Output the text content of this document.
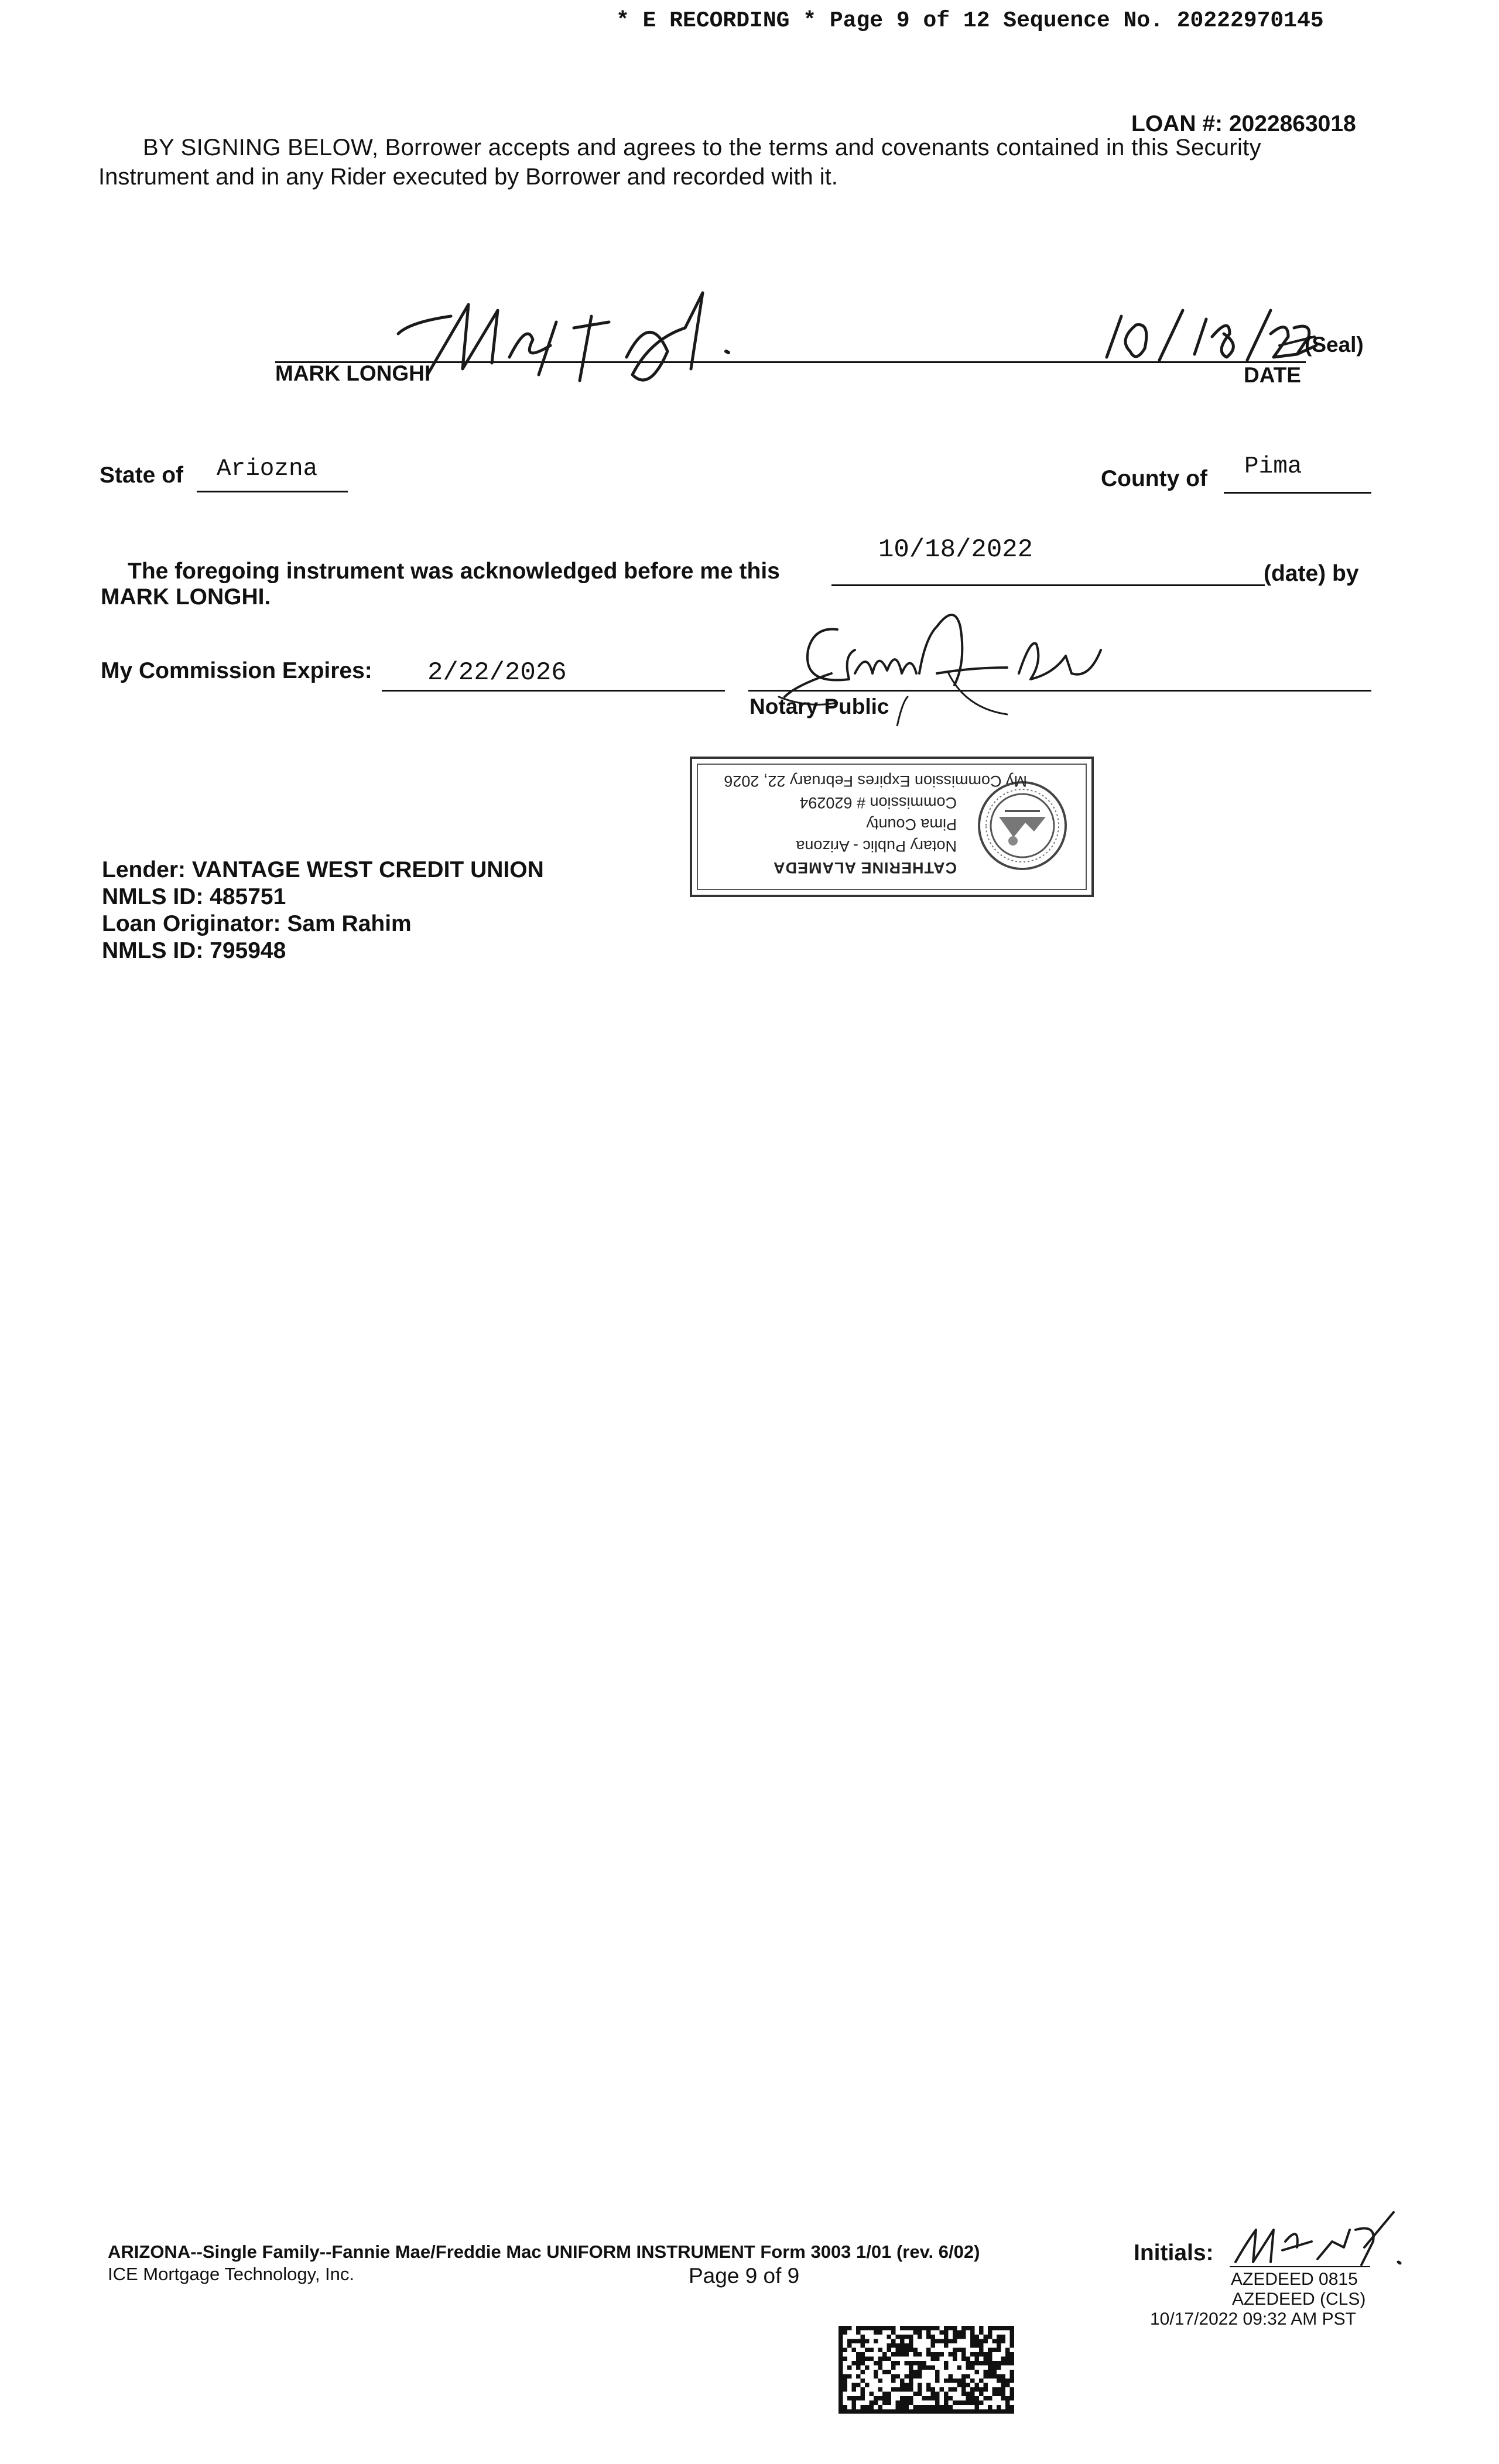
* E RECORDING * Page 9 of 12 Sequence No. 20222970145
LOAN #: 2022863018
BY SIGNING BELOW, Borrower accepts and agrees to the terms and covenants contained in this Security
Instrument and in any Rider executed by Borrower and recorded with it.
MARK LONGHI
(Seal)
DATE
State of Ariozna	County of Pima
10/18/2022
The foregoing instrument was acknowledged before me this	(date) by
MARK LONGHI.
My Commission Expires: 2/22/2026
Notary Public
CATHERINE ALAMEDA
Notary Public - Arizona
Pima County
Commission # 620294
My Commission Expires February 22, 2026
Lender: VANTAGE WEST CREDIT UNION
NMLS ID: 485751
Loan Originator: Sam Rahim
NMLS ID: 795948
ARIZONA--Single Family--Fannie Mae/Freddie Mac UNIFORM INSTRUMENT Form 3003 1/01 (rev. 6/02)
ICE Mortgage Technology, Inc.	Page 9 of 9
Initials:
AZEDEED 0815
AZEDEED (CLS)
10/17/2022 09:32 AM PST
